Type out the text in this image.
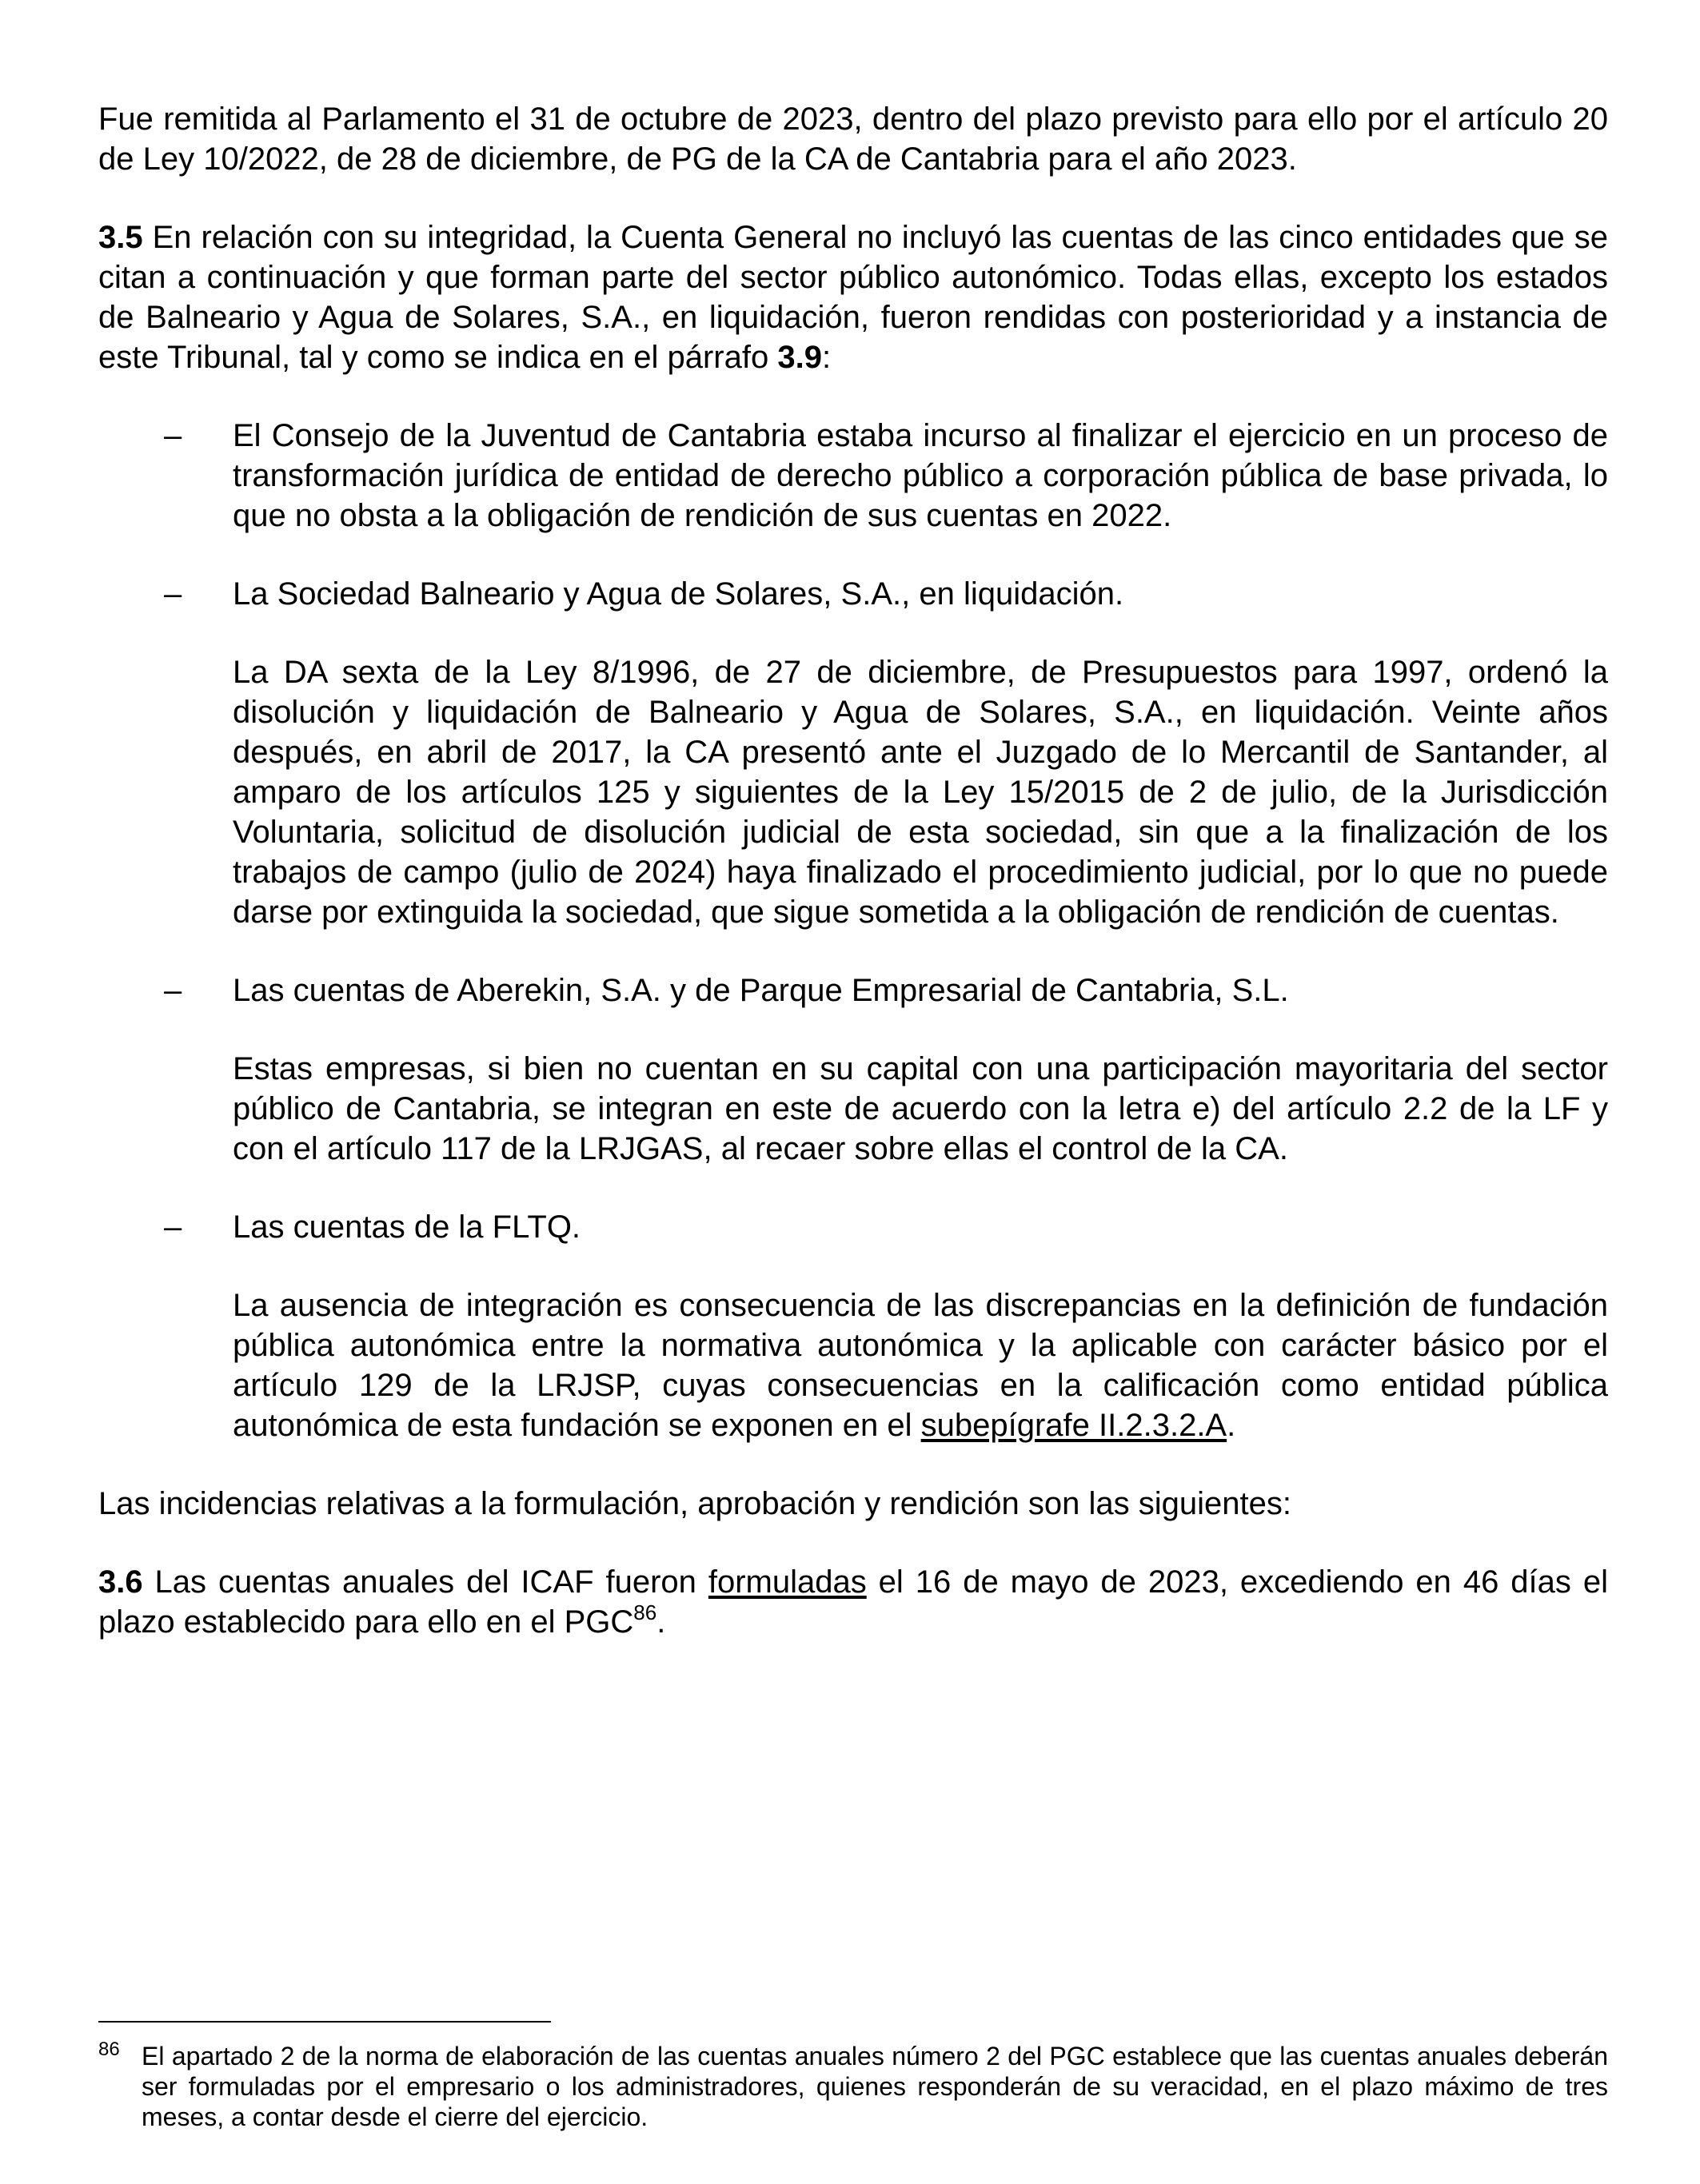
Fue remitida al Parlamento el 31 de octubre de 2023, dentro del plazo previsto para ello por el artículo 20 de Ley 10/2022, de 28 de diciembre, de PG de la CA de Cantabria para el año 2023.

3.5 En relación con su integridad, la Cuenta General no incluyó las cuentas de las cinco entidades que se citan a continuación y que forman parte del sector público autonómico. Todas ellas, excepto los estados de Balneario y Agua de Solares, S.A., en liquidación, fueron rendidas con posterioridad y a instancia de este Tribunal, tal y como se indica en el párrafo 3.9:

–	El Consejo de la Juventud de Cantabria estaba incurso al finalizar el ejercicio en un proceso de transformación jurídica de entidad de derecho público a corporación pública de base privada, lo que no obsta a la obligación de rendición de sus cuentas en 2022.

–	La Sociedad Balneario y Agua de Solares, S.A., en liquidación.

La DA sexta de la Ley 8/1996, de 27 de diciembre, de Presupuestos para 1997, ordenó la disolución y liquidación de Balneario y Agua de Solares, S.A., en liquidación. Veinte años después, en abril de 2017, la CA presentó ante el Juzgado de lo Mercantil de Santander, al amparo de los artículos 125 y siguientes de la Ley 15/2015 de 2 de julio, de la Jurisdicción Voluntaria, solicitud de disolución judicial de esta sociedad, sin que a la finalización de los trabajos de campo (julio de 2024) haya finalizado el procedimiento judicial, por lo que no puede darse por extinguida la sociedad, que sigue sometida a la obligación de rendición de cuentas.

–	Las cuentas de Aberekin, S.A. y de Parque Empresarial de Cantabria, S.L.

Estas empresas, si bien no cuentan en su capital con una participación mayoritaria del sector público de Cantabria, se integran en este de acuerdo con la letra e) del artículo 2.2 de la LF y con el artículo 117 de la LRJGAS, al recaer sobre ellas el control de la CA.

–	Las cuentas de la FLTQ.

La ausencia de integración es consecuencia de las discrepancias en la definición de fundación pública autonómica entre la normativa autonómica y la aplicable con carácter básico por el artículo 129 de la LRJSP, cuyas consecuencias en la calificación como entidad pública autonómica de esta fundación se exponen en el subepígrafe II.2.3.2.A.

Las incidencias relativas a la formulación, aprobación y rendición son las siguientes:

3.6 Las cuentas anuales del ICAF fueron formuladas el 16 de mayo de 2023, excediendo en 46 días el plazo establecido para ello en el PGC$^{86}$.

86 El apartado 2 de la norma de elaboración de las cuentas anuales número 2 del PGC establece que las cuentas anuales deberán ser formuladas por el empresario o los administradores, quienes responderán de su veracidad, en el plazo máximo de tres meses, a contar desde el cierre del ejercicio.
